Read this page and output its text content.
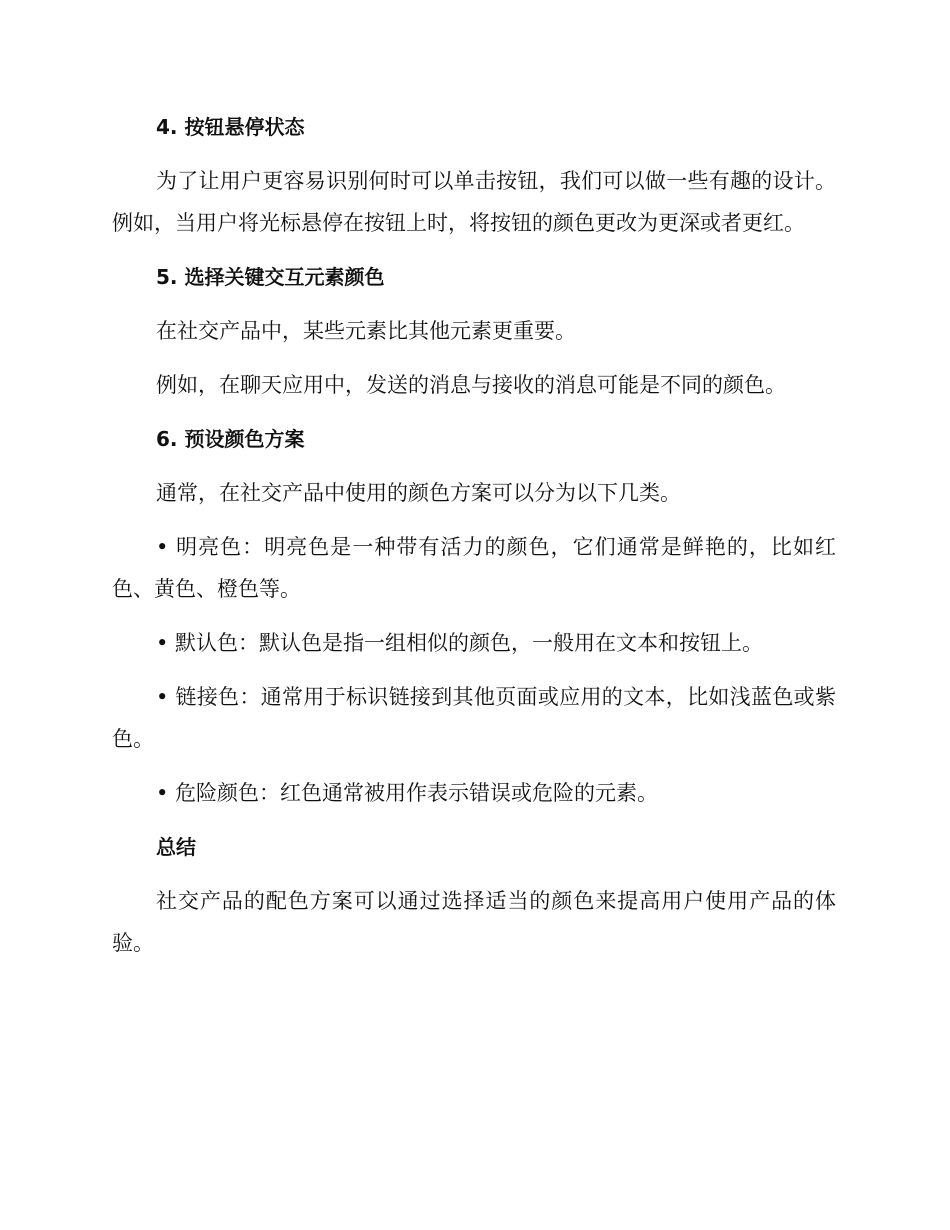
4. 按钮悬停状态

为了让用户更容易识别何时可以单击按钮，我们可以做一些有趣的设计。例如，当用户将光标悬停在按钮上时，将按钮的颜色更改为更深或者更红。

5. 选择关键交互元素颜色

在社交产品中，某些元素比其他元素更重要。

例如，在聊天应用中，发送的消息与接收的消息可能是不同的颜色。

6. 预设颜色方案

通常，在社交产品中使用的颜色方案可以分为以下几类。

• 明亮色：明亮色是一种带有活力的颜色，它们通常是鲜艳的，比如红色、黄色、橙色等。

• 默认色：默认色是指一组相似的颜色，一般用在文本和按钮上。

• 链接色：通常用于标识链接到其他页面或应用的文本，比如浅蓝色或紫色。

• 危险颜色：红色通常被用作表示错误或危险的元素。

总结

社交产品的配色方案可以通过选择适当的颜色来提高用户使用产品的体验。
